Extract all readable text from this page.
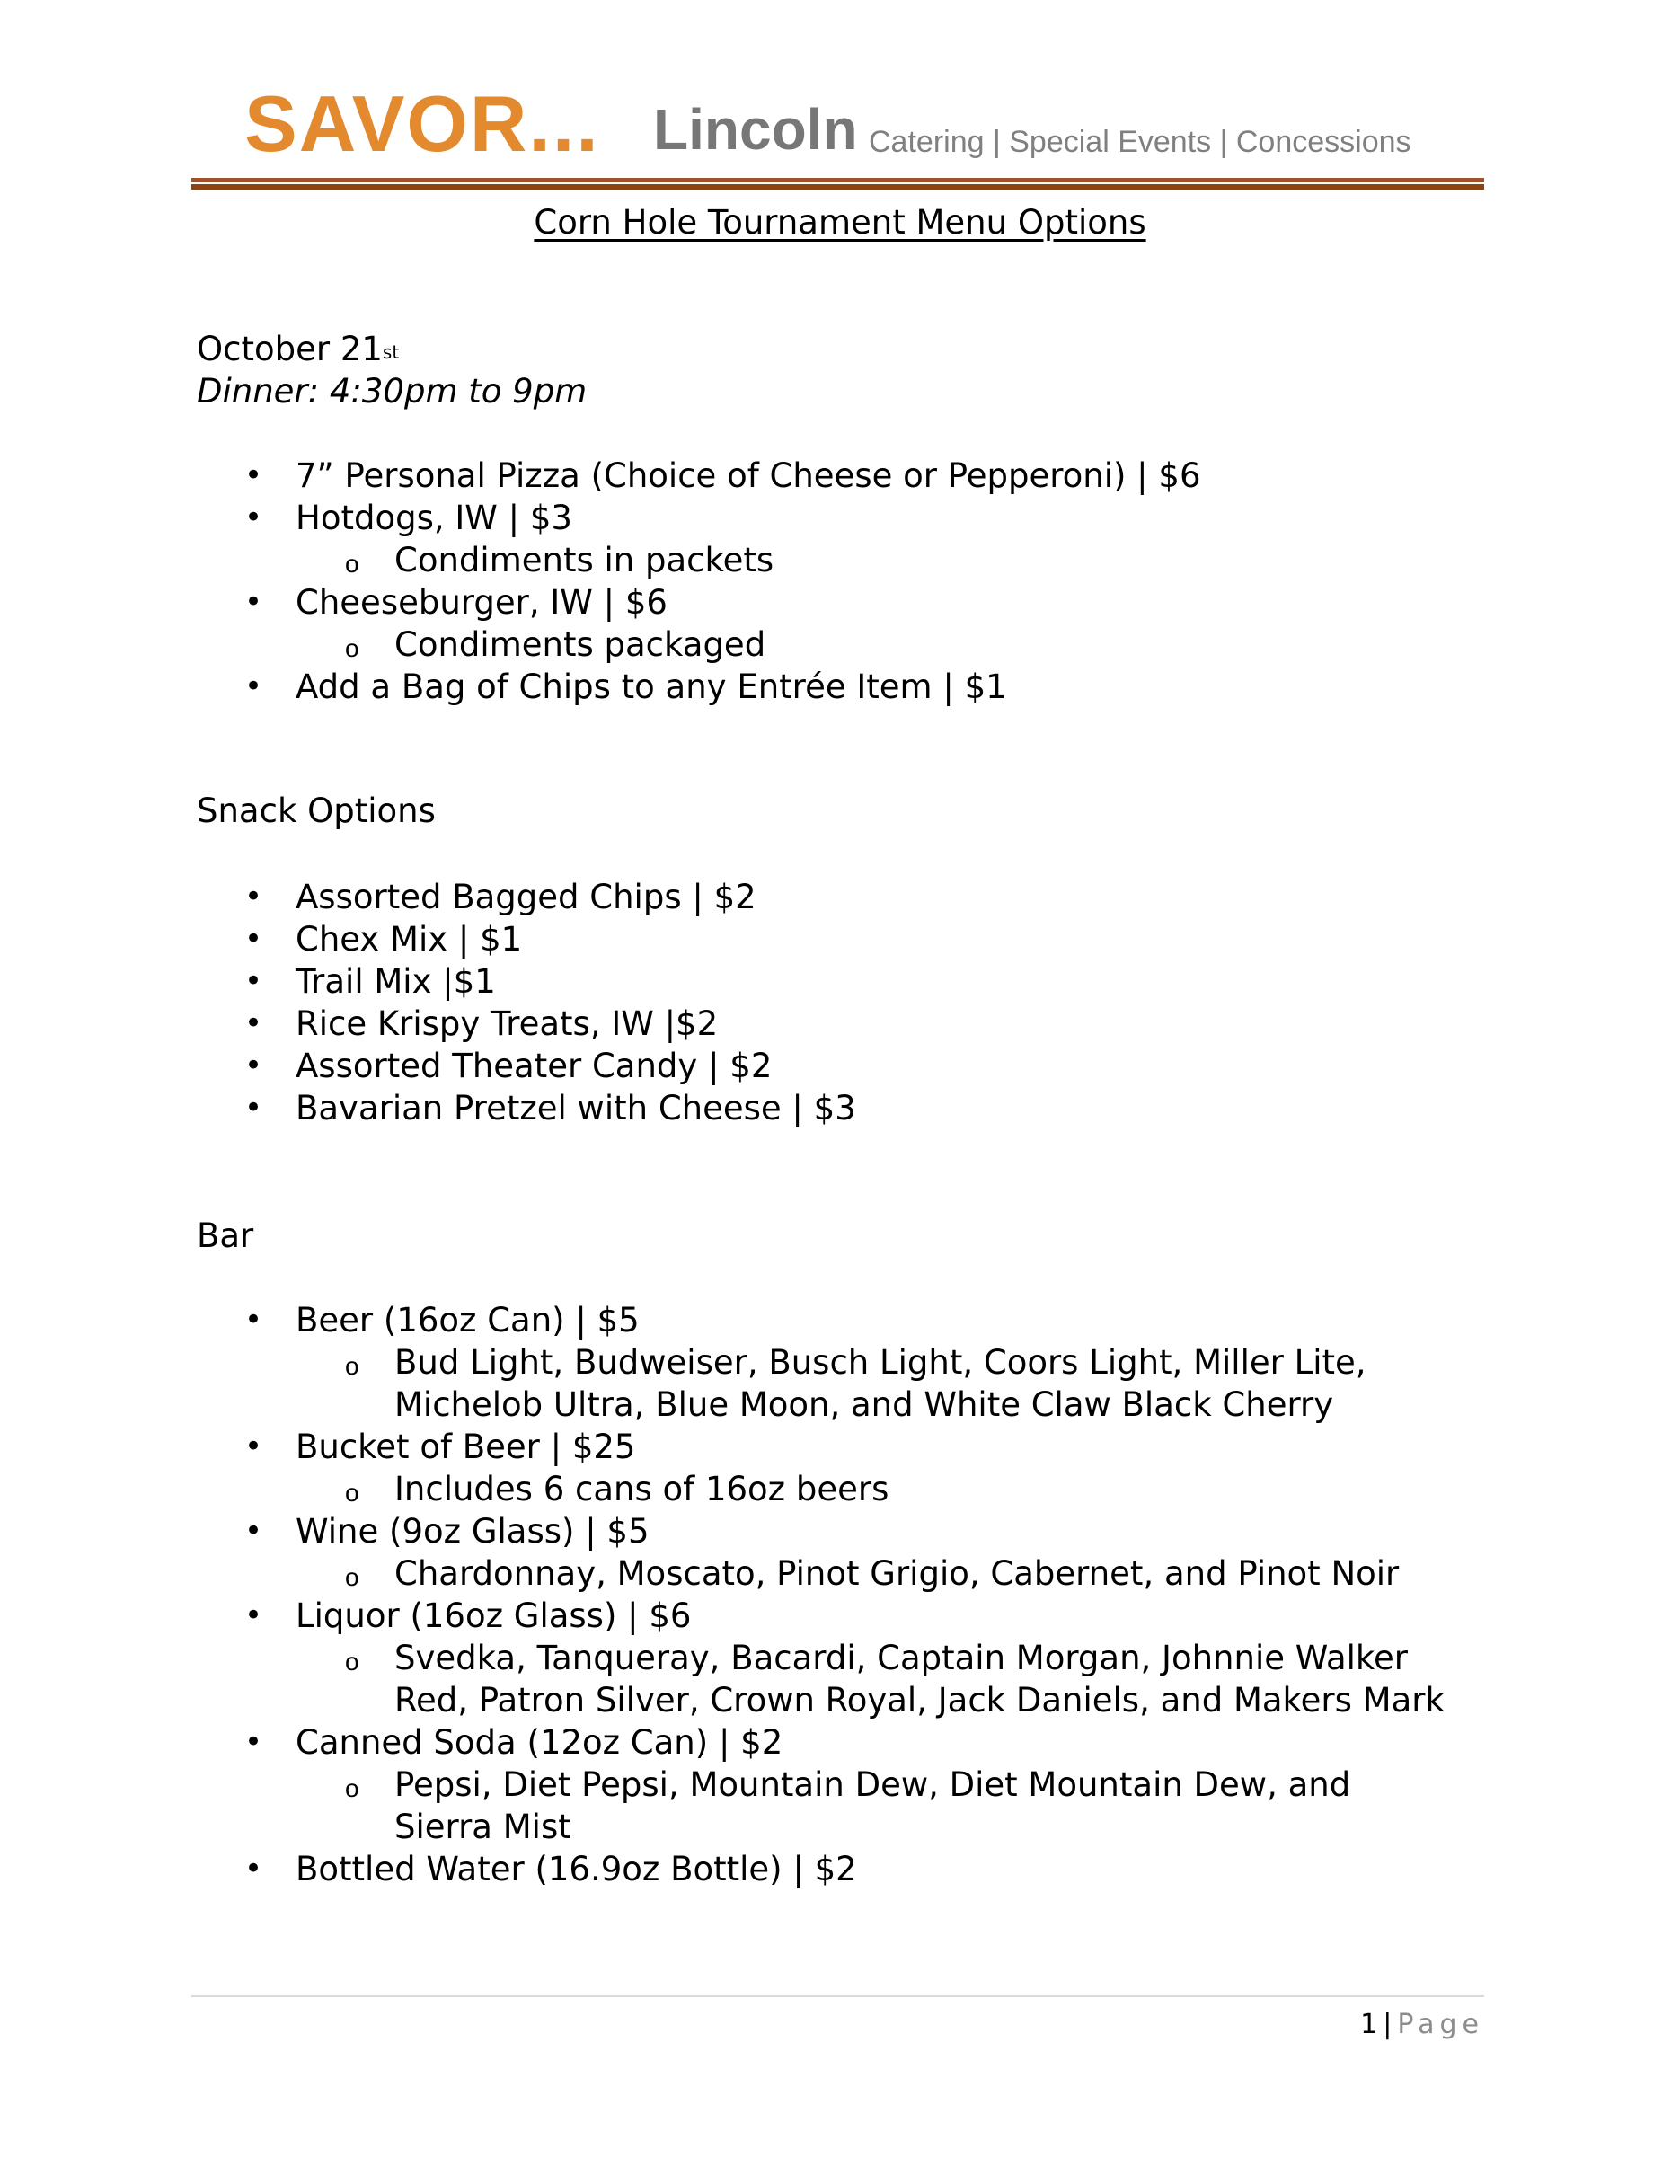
SAVOR... Lincoln Catering | Special Events | Concessions
Corn Hole Tournament Menu Options
October 21st
Dinner: 4:30pm to 9pm
• 7” Personal Pizza (Choice of Cheese or Pepperoni) | $6
• Hotdogs, IW | $3
o Condiments in packets
• Cheeseburger, IW | $6
o Condiments packaged
• Add a Bag of Chips to any Entrée Item | $1
Snack Options
• Assorted Bagged Chips | $2
• Chex Mix | $1
• Trail Mix |$1
• Rice Krispy Treats, IW |$2
• Assorted Theater Candy | $2
• Bavarian Pretzel with Cheese | $3
Bar
• Beer (16oz Can) | $5
o Bud Light, Budweiser, Busch Light, Coors Light, Miller Lite, Michelob Ultra, Blue Moon, and White Claw Black Cherry
• Bucket of Beer | $25
o Includes 6 cans of 16oz beers
• Wine (9oz Glass) | $5
o Chardonnay, Moscato, Pinot Grigio, Cabernet, and Pinot Noir
• Liquor (16oz Glass) | $6
o Svedka, Tanqueray, Bacardi, Captain Morgan, Johnnie Walker Red, Patron Silver, Crown Royal, Jack Daniels, and Makers Mark
• Canned Soda (12oz Can) | $2
o Pepsi, Diet Pepsi, Mountain Dew, Diet Mountain Dew, and Sierra Mist
• Bottled Water (16.9oz Bottle) | $2
1 | Page
